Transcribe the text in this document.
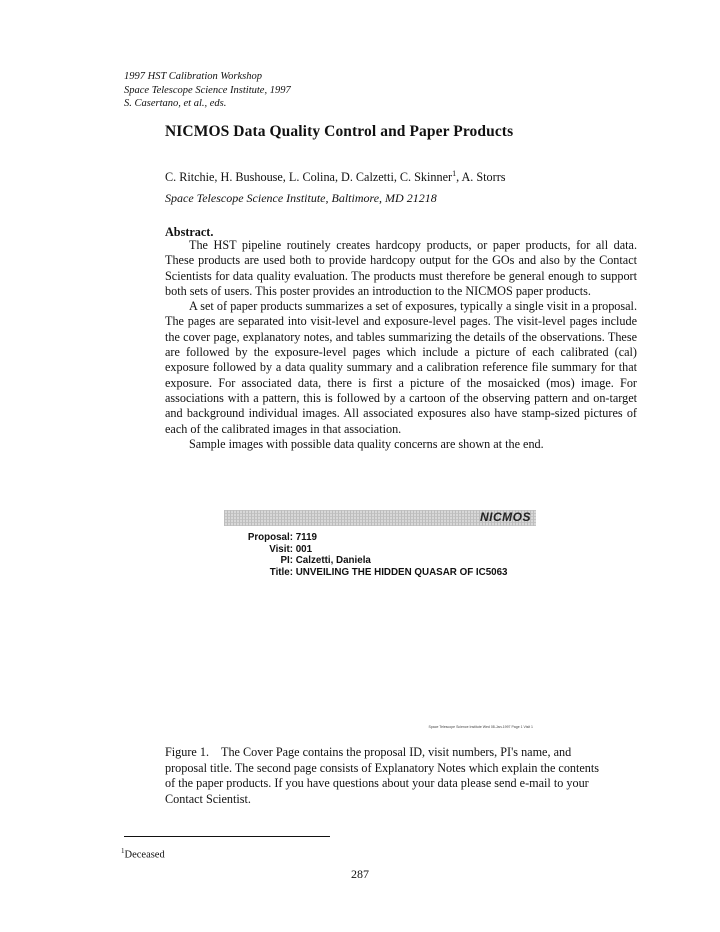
1997 HST Calibration Workshop
Space Telescope Science Institute, 1997
S. Casertano, et al., eds.
NICMOS Data Quality Control and Paper Products
C. Ritchie, H. Bushouse, L. Colina, D. Calzetti, C. Skinner$^1$, A. Storrs
Space Telescope Science Institute, Baltimore, MD 21218
Abstract.

The HST pipeline routinely creates hardcopy products, or paper products, for all data. These products are used both to provide hardcopy output for the GOs and also by the Contact Scientists for data quality evaluation. The products must therefore be general enough to support both sets of users. This poster provides an introduction to the NICMOS paper products.

A set of paper products summarizes a set of exposures, typically a single visit in a proposal. The pages are separated into visit-level and exposure-level pages. The visit-level pages include the cover page, explanatory notes, and tables summarizing the details of the observations. These are followed by the exposure-level pages which include a picture of each calibrated (cal) exposure followed by a data quality summary and a calibration reference file summary for that exposure. For associated data, there is first a picture of the mosaicked (mos) image. For associations with a pattern, this is followed by a cartoon of the observing pattern and on-target and background individual images. All associated exposures also have stamp-sized pictures of each of the calibrated images in that association.

Sample images with possible data quality concerns are shown at the end.

NICMOS
Proposal: 7119
Visit: 001
PI: Calzetti, Daniela
Title: UNVEILING THE HIDDEN QUASAR OF IC5063
Space Telescope Science Institute Wed 08-Jan-1997 Page 1 Visit 1
Figure 1. The Cover Page contains the proposal ID, visit numbers, PI's name, and proposal title. The second page consists of Explanatory Notes which explain the contents of the paper products. If you have questions about your data please send e-mail to your Contact Scientist.
$^1$Deceased
287
